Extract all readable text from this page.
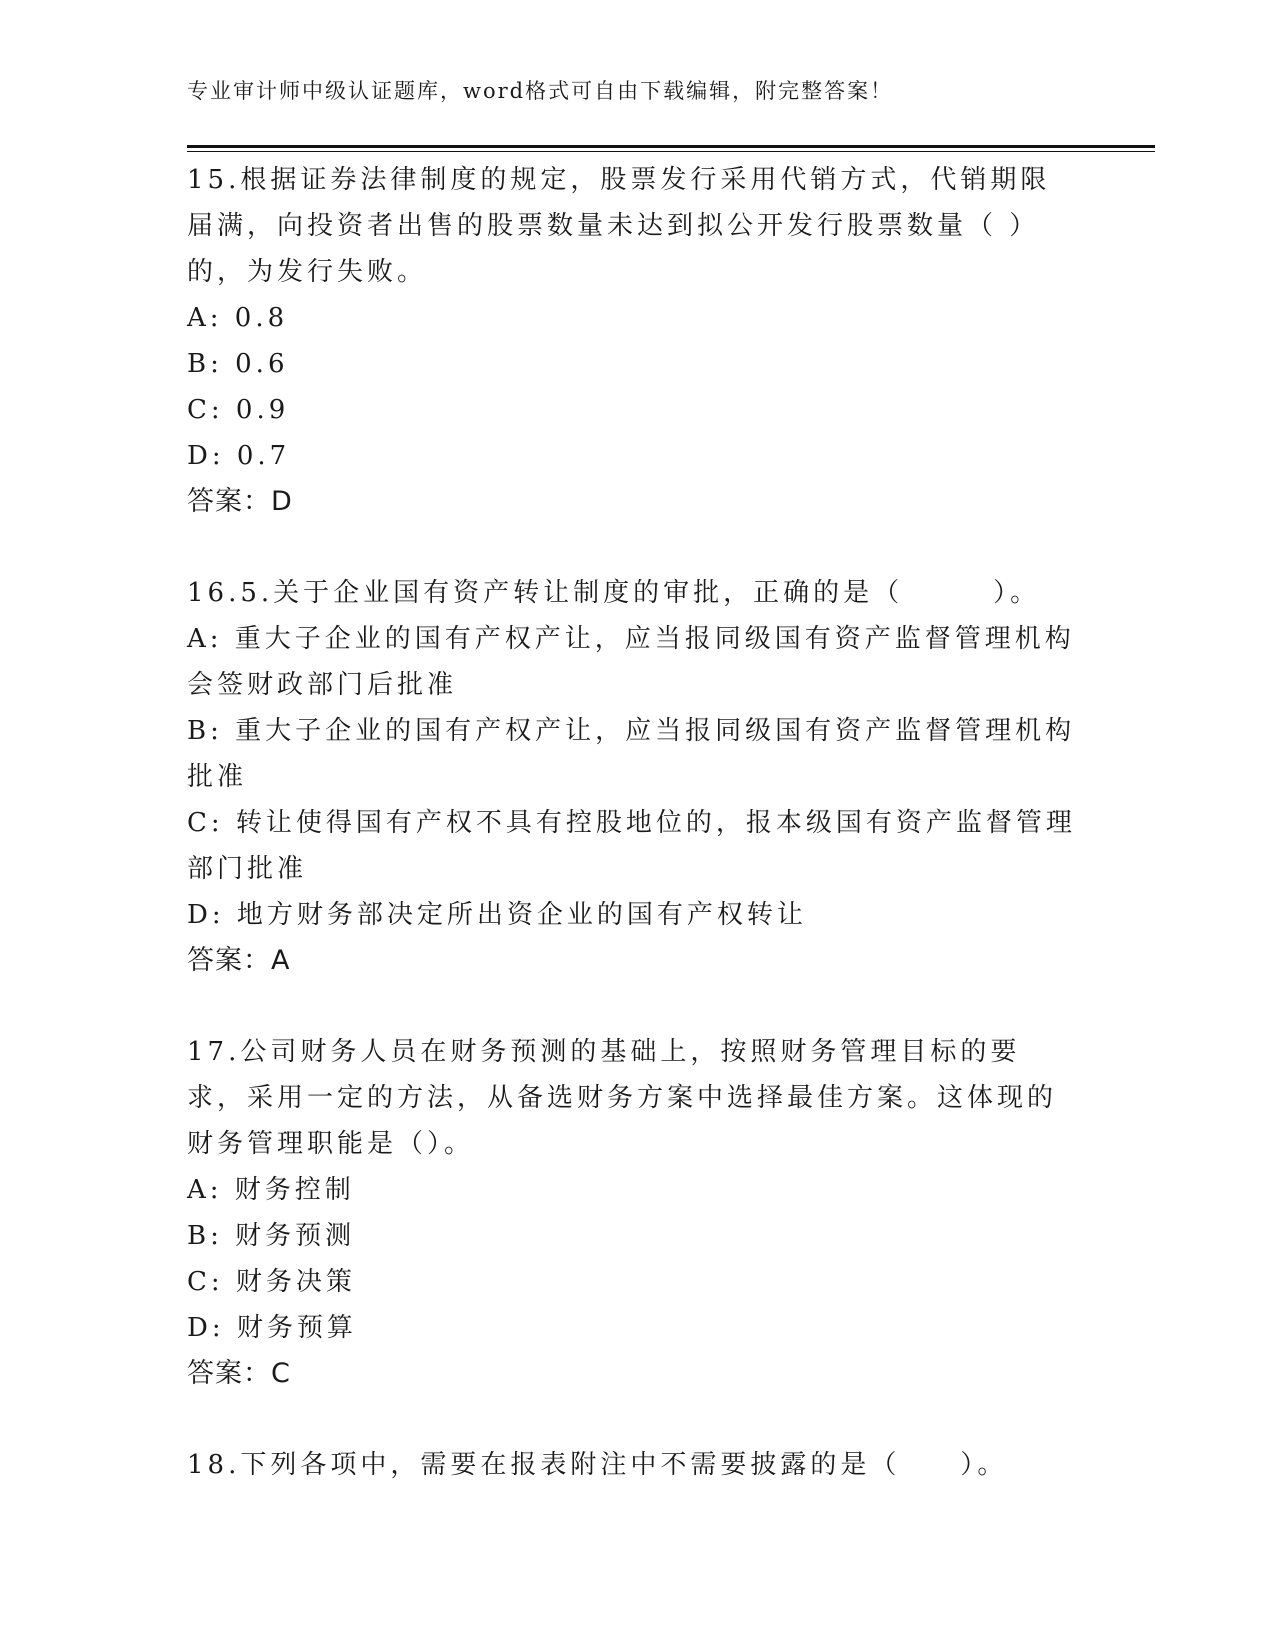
专业审计师中级认证题库，word格式可自由下载编辑，附完整答案！

15.根据证券法律制度的规定，股票发行采用代销方式，代销期限届满，向投资者出售的股票数量未达到拟公开发行股票数量（ ）的，为发行失败。

A: 0.8

B: 0.6

C: 0.9

D: 0.7

答案：D

16.5.关于企业国有资产转让制度的审批，正确的是（　　　）。

A: 重大子企业的国有产权产让，应当报同级国有资产监督管理机构会签财政部门后批准

B: 重大子企业的国有产权产让，应当报同级国有资产监督管理机构批准

C: 转让使得国有产权不具有控股地位的，报本级国有资产监督管理部门批准

D: 地方财务部决定所出资企业的国有产权转让

答案：A

17.公司财务人员在财务预测的基础上，按照财务管理目标的要求，采用一定的方法，从备选财务方案中选择最佳方案。这体现的财务管理职能是（）。

A: 财务控制

B: 财务预测

C: 财务决策

D: 财务预算

答案：C

18.下列各项中，需要在报表附注中不需要披露的是（　　）。
